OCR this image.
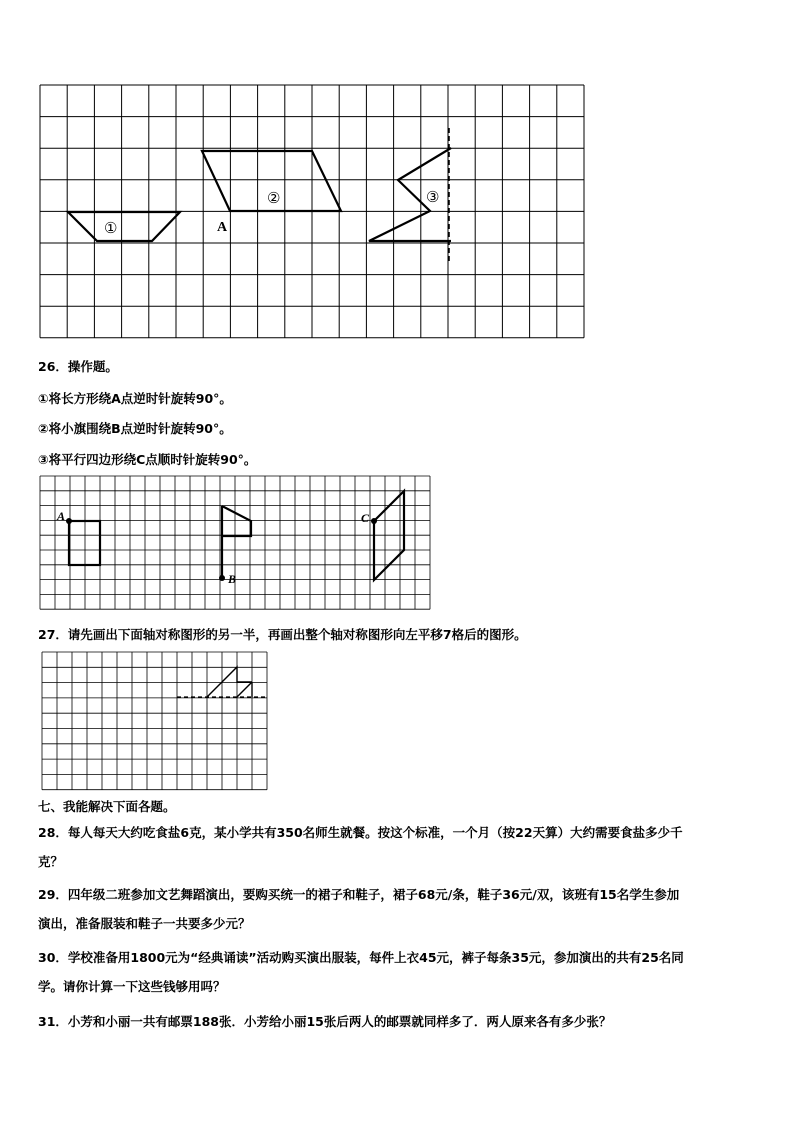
①
②
A
③
26．操作题。
①将长方形绕A点逆时针旋转90°。
②将小旗围绕B点逆时针旋转90°。
③将平行四边形绕C点顺时针旋转90°。
A
B
C
27．请先画出下面轴对称图形的另一半，再画出整个轴对称图形向左平移7格后的图形。
七、我能解决下面各题。
28．每人每天大约吃食盐6克，某小学共有350名师生就餐。按这个标准，一个月（按22天算）大约需要食盐多少千
克？
29．四年级二班参加文艺舞蹈演出，要购买统一的裙子和鞋子，裙子68元/条，鞋子36元/双，该班有15名学生参加
演出，准备服装和鞋子一共要多少元？
30．学校准备用1800元为“经典诵读”活动购买演出服装，每件上衣45元，裤子每条35元，参加演出的共有25名同
学。请你计算一下这些钱够用吗？
31．小芳和小丽一共有邮票188张．小芳给小丽15张后两人的邮票就同样多了．两人原来各有多少张？
